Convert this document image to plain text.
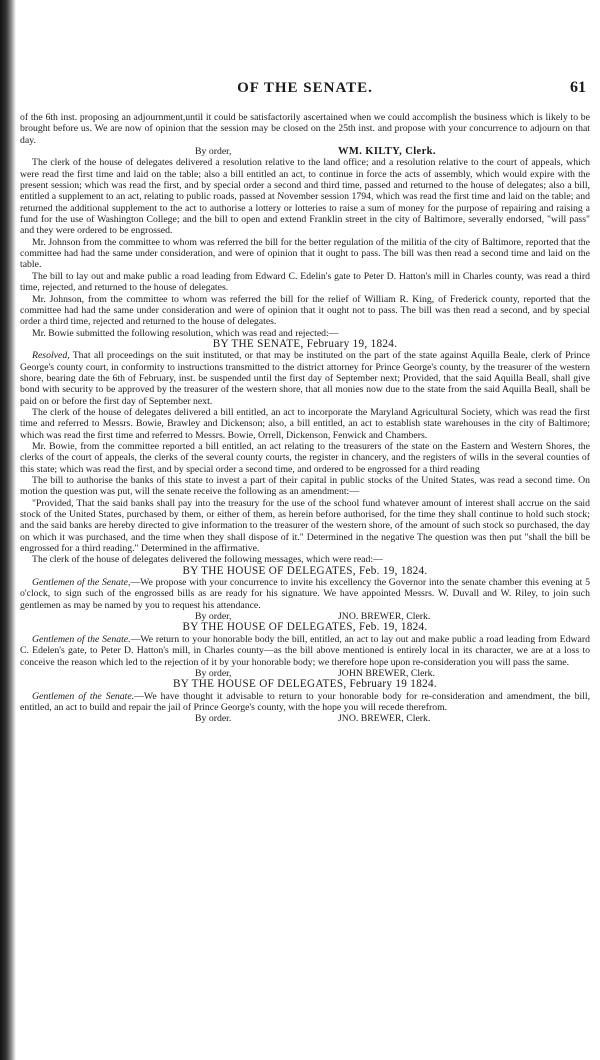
OF THE SENATE.	61

of the 6th inst. proposing an adjournment,until it could be satisfactorily ascertained when we could accomplish the business which is likely to be brought before us. We are now of opinion that the session may be closed on the 25th inst. and propose with your concurrence to adjourn on that day.

By order,	WM. KILTY, Clerk.

The clerk of the house of delegates delivered a resolution relative to the land office; and a resolution relative to the court of appeals, which were read the first time and laid on the table; also a bill entitled an act, to continue in force the acts of assembly, which would expire with the present session; which was read the first, and by special order a second and third time, passed and returned to the house of delegates; also a bill, entitled a supplement to an act, relating to public roads, passed at November session 1794, which was read the first time and laid on the table; and returned the additional supplement to the act to authorise a lottery or lotteries to raise a sum of money for the purpose of repairing and raising a fund for the use of Washington College; and the bill to open and extend Franklin street in the city of Baltimore, severally endorsed, "will pass" and they were ordered to be engrossed.

Mr. Johnson from the committee to whom was referred the bill for the better regulation of the militia of the city of Baltimore, reported that the committee had had the same under consideration, and were of opinion that it ought to pass. The bill was then read a second time and laid on the table.

The bill to lay out and make public a road leading from Edward C. Edelin's gate to Peter D. Hatton's mill in Charles county, was read a third time, rejected, and returned to the house of delegates.

Mr. Johnson, from the committee to whom was referred the bill for the relief of William R. King, of Frederick county, reported that the committee had had the same under consideration and were of opinion that it ought not to pass. The bill was then read a second, and by special order a third time, rejected and returned to the house of delegates.

Mr. Bowie submitted the following resolution, which was read and rejected:—

BY THE SENATE, February 19, 1824.

Resolved, That all proceedings on the suit instituted, or that may be instituted on the part of the state against Aquilla Beale, clerk of Prince George's county court, in conformity to instructions transmitted to the district attorney for Prince George's county, by the treasurer of the western shore, bearing date the 6th of February, inst. be suspended until the first day of September next; Provided, that the said Aquilla Beall, shall give bond with security to be approved by the treasurer of the western shore, that all monies now due to the state from the said Aquilla Beall, shall be paid on or before the first day of September next.

The clerk of the house of delegates delivered a bill entitled, an act to incorporate the Maryland Agricultural Society, which was read the first time and referred to Messrs. Bowie, Brawley and Dickenson; also, a bill entitled, an act to establish state warehouses in the city of Baltimore; which was read the first time and referred to Messrs. Bowie, Orrell, Dickenson, Fenwick and Chambers.

Mr. Bowie, from the committee reported a bill entitled, an act relating to the treasurers of the state on the Eastern and Western Shores, the clerks of the court of appeals, the clerks of the several county courts, the register in chancery, and the registers of wills in the several counties of this state; which was read the first, and by special order a second time, and ordered to be engrossed for a third reading

The bill to authorise the banks of this state to invest a part of their capital in public stocks of the United States, was read a second time. On motion the question was put, will the senate receive the following as an amendment:—

"Provided, That the said banks shall pay into the treasury for the use of the school fund whatever amount of interest shall accrue on the said stock of the United States, purchased by them, or either of them, as herein before authorised, for the time they shall continue to hold such stock; and the said banks are hereby directed to give information to the treasurer of the western shore, of the amount of such stock so purchased, the day on which it was purchased, and the time when they shall dispose of it." Determined in the negative The question was then put "shall the bill be engrossed for a third reading." Determined in the affirmative.

The clerk of the house of delegates delivered the following messages, which were read:—

BY THE HOUSE OF DELEGATES, Feb. 19, 1824.

Gentlemen of the Senate,—We propose with your concurrence to invite his excellency the Governor into the senate chamber this evening at 5 o'clock, to sign such of the engrossed bills as are ready for his signature. We have appointed Messrs. W. Duvall and W. Riley, to join such gentlemen as may be named by you to request his attendance.

By order,	JNO. BREWER, Clerk.

BY THE HOUSE OF DELEGATES, Feb. 19, 1824.

Gentlemen of the Senate.—We return to your honorable body the bill, entitled, an act to lay out and make public a road leading from Edward C. Edelen's gate, to Peter D. Hatton's mill, in Charles county—as the bill above mentioned is entirely local in its character, we are at a loss to conceive the reason which led to the rejection of it by your honorable body; we therefore hope upon re-consideration you will pass the same.

By order,	JOHN BREWER, Clerk.

BY THE HOUSE OF DELEGATES, February 19 1824.

Gentlemen of the Senate.—We have thought it advisable to return to your honorable body for re-consideration and amendment, the bill, entitled, an act to build and repair the jail of Prince George's county, with the hope you will recede therefrom.

By order.	JNO. BREWER, Clerk.
